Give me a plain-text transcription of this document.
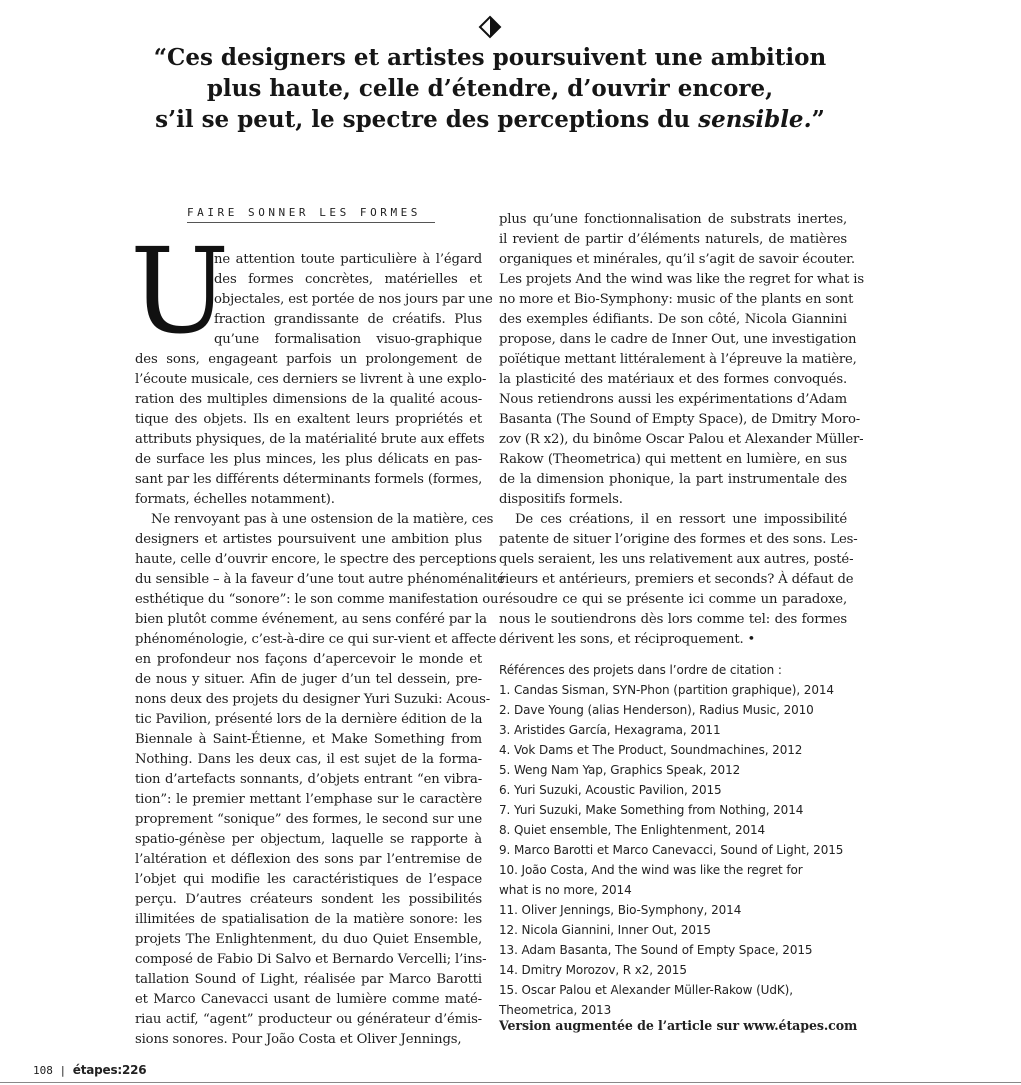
“Ces designers et artistes poursuivent une ambition
plus haute, celle d’étendre, d’ouvrir encore,
s’il se peut, le spectre des perceptions du sensible.”
FAIRE SONNER LES FORMES
U
ne attention toute particulière à l’égard
des formes concrètes, matérielles et
objectales, est portée de nos jours par une
fraction grandissante de créatifs. Plus
qu’une formalisation visuo-graphique
des sons, engageant parfois un prolongement de
l’écoute musicale, ces derniers se livrent à une explo-
ration des multiples dimensions de la qualité acous-
tique des objets. Ils en exaltent leurs propriétés et
attributs physiques, de la matérialité brute aux effets
de surface les plus minces, les plus délicats en pas-
sant par les différents déterminants formels (formes,
formats, échelles notamment).
Ne renvoyant pas à une ostension de la matière, ces
designers et artistes poursuivent une ambition plus
haute, celle d’ouvrir encore, le spectre des perceptions
du sensible – à la faveur d’une tout autre phénoménalité
esthétique du “sonore”: le son comme manifestation ou
bien plutôt comme événement, au sens conféré par la
phénoménologie, c’est-à-dire ce qui sur-vient et affecte
en profondeur nos façons d’apercevoir le monde et
de nous y situer. Afin de juger d’un tel dessein, pre-
nons deux des projets du designer Yuri Suzuki: Acous-
tic Pavilion, présenté lors de la dernière édition de la
Biennale à Saint-Étienne, et Make Something from
Nothing. Dans les deux cas, il est sujet de la forma-
tion d’artefacts sonnants, d’objets entrant “en vibra-
tion”: le premier mettant l’emphase sur le caractère
proprement “sonique” des formes, le second sur une
spatio-génèse per objectum, laquelle se rapporte à
l’altération et déflexion des sons par l’entremise de
l’objet qui modifie les caractéristiques de l’espace
perçu. D’autres créateurs sondent les possibilités
illimitées de spatialisation de la matière sonore: les
projets The Enlightenment, du duo Quiet Ensemble,
composé de Fabio Di Salvo et Bernardo Vercelli; l’ins-
tallation Sound of Light, réalisée par Marco Barotti
et Marco Canevacci usant de lumière comme maté-
riau actif, “agent” producteur ou générateur d’émis-
sions sonores. Pour João Costa et Oliver Jennings,
plus qu’une fonctionnalisation de substrats inertes,
il revient de partir d’éléments naturels, de matières
organiques et minérales, qu’il s’agit de savoir écouter.
Les projets And the wind was like the regret for what is
no more et Bio-Symphony: music of the plants en sont
des exemples édifiants. De son côté, Nicola Giannini
propose, dans le cadre de Inner Out, une investigation
poïétique mettant littéralement à l’épreuve la matière,
la plasticité des matériaux et des formes convoqués.
Nous retiendrons aussi les expérimentations d’Adam
Basanta (The Sound of Empty Space), de Dmitry Moro-
zov (R x2), du binôme Oscar Palou et Alexander Müller-
Rakow (Theometrica) qui mettent en lumière, en sus
de la dimension phonique, la part instrumentale des
dispositifs formels.
De ces créations, il en ressort une impossibilité
patente de situer l’origine des formes et des sons. Les-
quels seraient, les uns relativement aux autres, posté-
rieurs et antérieurs, premiers et seconds? À défaut de
résoudre ce qui se présente ici comme un paradoxe,
nous le soutiendrons dès lors comme tel: des formes
dérivent les sons, et réciproquement. •
Références des projets dans l’ordre de citation :
1. Candas Sisman, SYN-Phon (partition graphique), 2014
2. Dave Young (alias Henderson), Radius Music, 2010
3. Aristides García, Hexagrama, 2011
4. Vok Dams et The Product, Soundmachines, 2012
5. Weng Nam Yap, Graphics Speak, 2012
6. Yuri Suzuki, Acoustic Pavilion, 2015
7. Yuri Suzuki, Make Something from Nothing, 2014
8. Quiet ensemble, The Enlightenment, 2014
9. Marco Barotti et Marco Canevacci, Sound of Light, 2015
10. João Costa, And the wind was like the regret for
what is no more, 2014
11. Oliver Jennings, Bio-Symphony, 2014
12. Nicola Giannini, Inner Out, 2015
13. Adam Basanta, The Sound of Empty Space, 2015
14. Dmitry Morozov, R x2, 2015
15. Oscar Palou et Alexander Müller-Rakow (UdK),
Theometrica, 2013
Version augmentée de l’article sur www.étapes.com
108 | étapes:226
